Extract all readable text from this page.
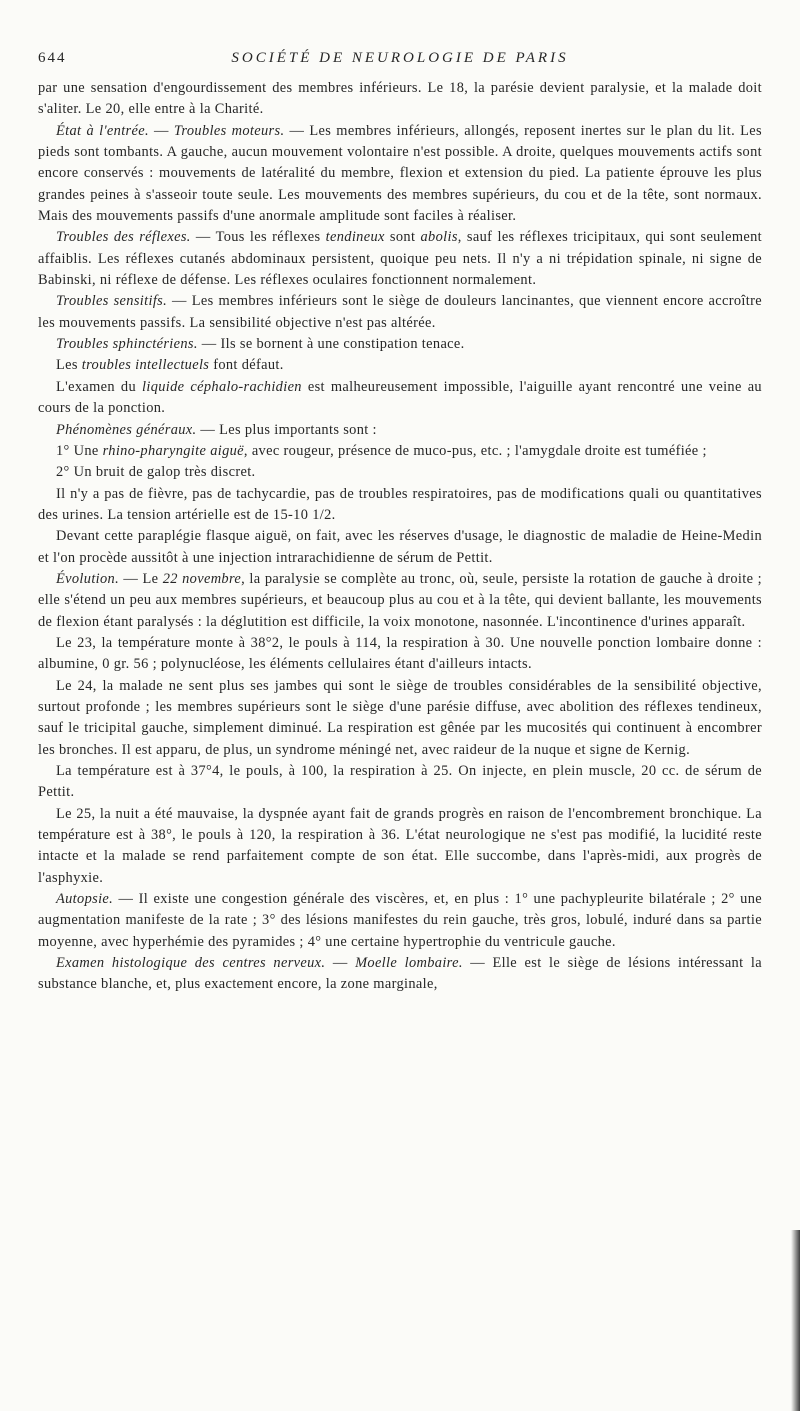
644	SOCIÉTÉ DE NEUROLOGIE DE PARIS

par une sensation d'engourdissement des membres inférieurs. Le 18, la parésie devient paralysie, et la malade doit s'aliter. Le 20, elle entre à la Charité.

État à l'entrée. — Troubles moteurs. — Les membres inférieurs, allongés, reposent inertes sur le plan du lit. Les pieds sont tombants. A gauche, aucun mouvement volontaire n'est possible. A droite, quelques mouvements actifs sont encore conservés : mouvements de latéralité du membre, flexion et extension du pied. La patiente éprouve les plus grandes peines à s'asseoir toute seule. Les mouvements des membres supérieurs, du cou et de la tête, sont normaux. Mais des mouvements passifs d'une anormale amplitude sont faciles à réaliser.

Troubles des réflexes. — Tous les réflexes tendineux sont abolis, sauf les réflexes tricipitaux, qui sont seulement affaiblis. Les réflexes cutanés abdominaux persistent, quoique peu nets. Il n'y a ni trépidation spinale, ni signe de Babinski, ni réflexe de défense. Les réflexes oculaires fonctionnent normalement.

Troubles sensitifs. — Les membres inférieurs sont le siège de douleurs lancinantes, que viennent encore accroître les mouvements passifs. La sensibilité objective n'est pas altérée.

Troubles sphinctériens. — Ils se bornent à une constipation tenace.

Les troubles intellectuels font défaut.

L'examen du liquide céphalo-rachidien est malheureusement impossible, l'aiguille ayant rencontré une veine au cours de la ponction.

Phénomènes généraux. — Les plus importants sont :

1° Une rhino-pharyngite aiguë, avec rougeur, présence de muco-pus, etc. ; l'amygdale droite est tuméfiée ;

2° Un bruit de galop très discret.

Il n'y a pas de fièvre, pas de tachycardie, pas de troubles respiratoires, pas de modifications quali ou quantitatives des urines. La tension artérielle est de 15-10 1/2.

Devant cette paraplégie flasque aiguë, on fait, avec les réserves d'usage, le diagnostic de maladie de Heine-Medin et l'on procède aussitôt à une injection intrarachidienne de sérum de Pettit.

Évolution. — Le 22 novembre, la paralysie se complète au tronc, où, seule, persiste la rotation de gauche à droite ; elle s'étend un peu aux membres supérieurs, et beaucoup plus au cou et à la tête, qui devient ballante, les mouvements de flexion étant paralysés : la déglutition est difficile, la voix monotone, nasonnée. L'incontinence d'urines apparaît.

Le 23, la température monte à 38°2, le pouls à 114, la respiration à 30. Une nouvelle ponction lombaire donne : albumine, 0 gr. 56 ; polynucléose, les éléments cellulaires étant d'ailleurs intacts.

Le 24, la malade ne sent plus ses jambes qui sont le siège de troubles considérables de la sensibilité objective, surtout profonde ; les membres supérieurs sont le siège d'une parésie diffuse, avec abolition des réflexes tendineux, sauf le tricipital gauche, simplement diminué. La respiration est gênée par les mucosités qui continuent à encombrer les bronches. Il est apparu, de plus, un syndrome méningé net, avec raideur de la nuque et signe de Kernig.

La température est à 37°4, le pouls, à 100, la respiration à 25. On injecte, en plein muscle, 20 cc. de sérum de Pettit.

Le 25, la nuit a été mauvaise, la dyspnée ayant fait de grands progrès en raison de l'encombrement bronchique. La température est à 38°, le pouls à 120, la respiration à 36. L'état neurologique ne s'est pas modifié, la lucidité reste intacte et la malade se rend parfaitement compte de son état. Elle succombe, dans l'après-midi, aux progrès de l'asphyxie.

Autopsie. — Il existe une congestion générale des viscères, et, en plus : 1° une pachypleurite bilatérale ; 2° une augmentation manifeste de la rate ; 3° des lésions manifestes du rein gauche, très gros, lobulé, induré dans sa partie moyenne, avec hyperhémie des pyramides ; 4° une certaine hypertrophie du ventricule gauche.

Examen histologique des centres nerveux. — Moelle lombaire. — Elle est le siège de lésions intéressant la substance blanche, et, plus exactement encore, la zone marginale,
